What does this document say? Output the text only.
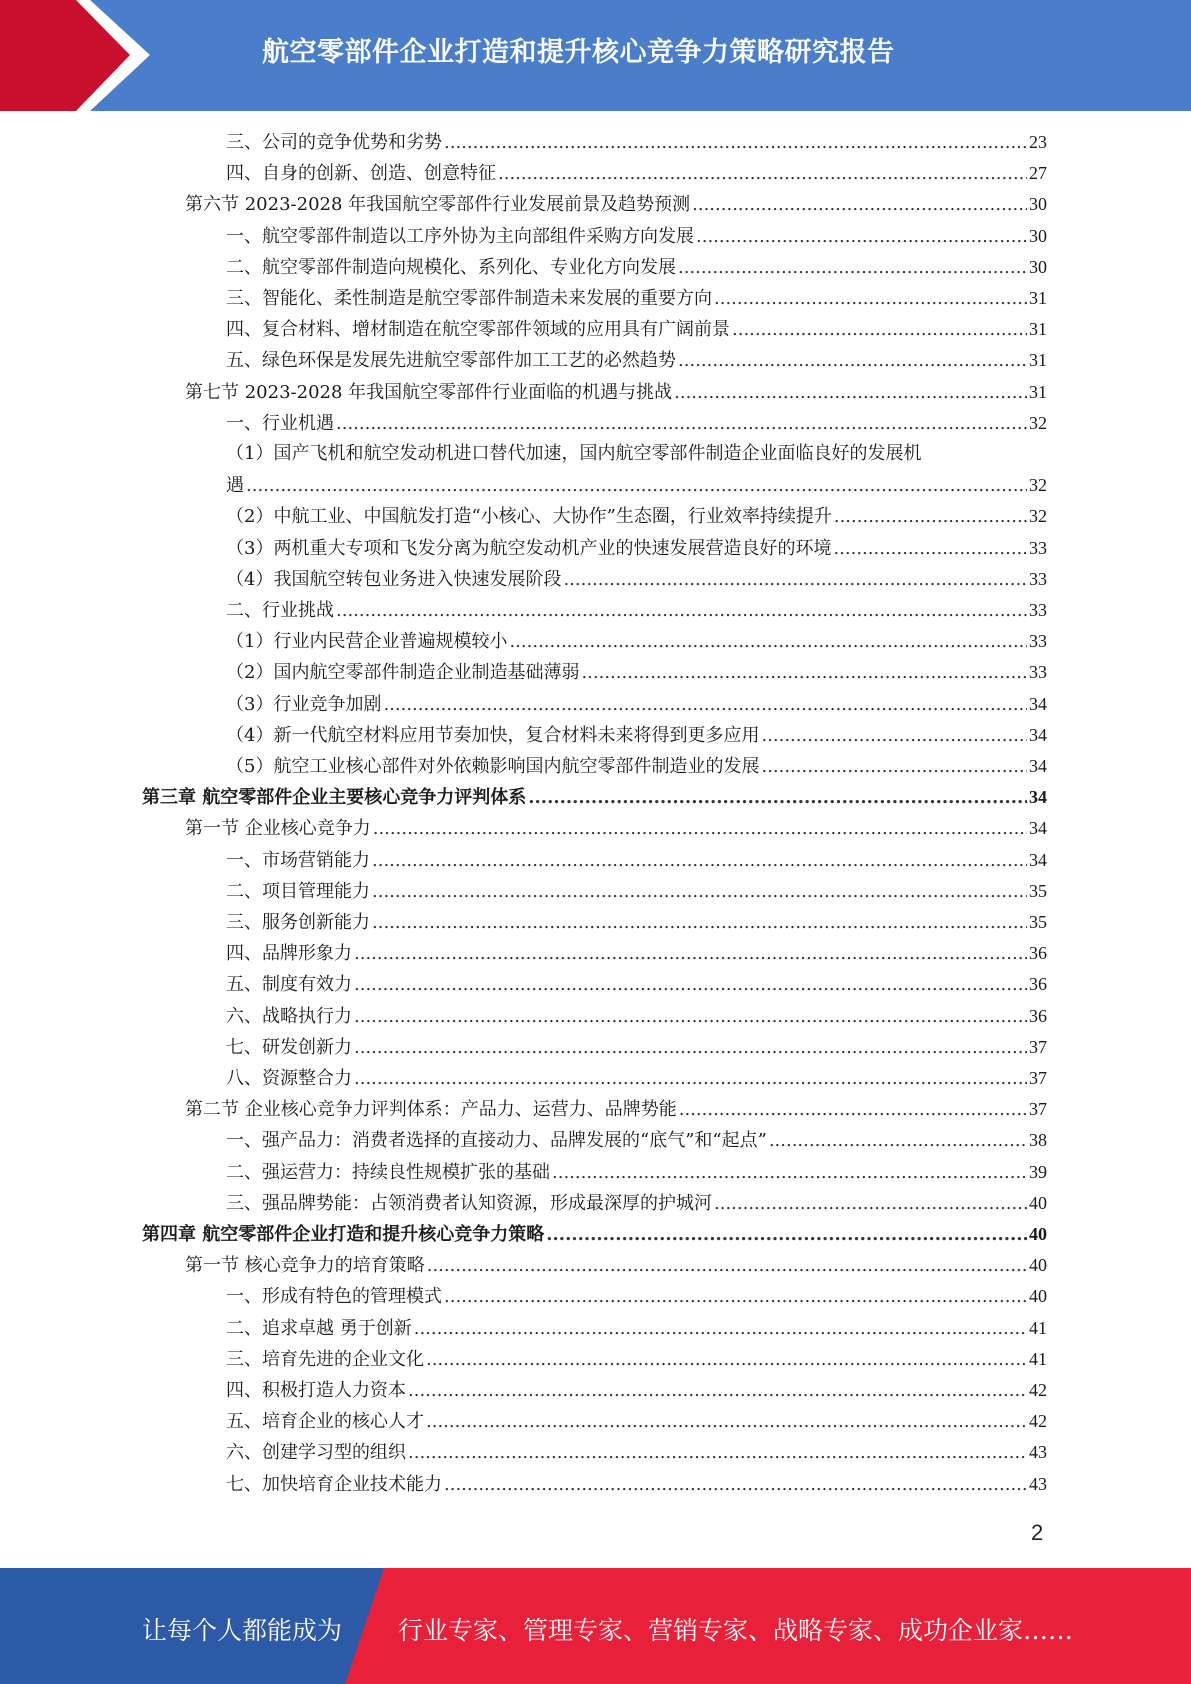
航空零部件企业打造和提升核心竞争力策略研究报告
三、公司的竞争优势和劣势 .....	23
四、自身的创新、创造、创意特征 .....	27
第六节 2023-2028 年我国航空零部件行业发展前景及趋势预测 .....	30
一、航空零部件制造以工序外协为主向部组件采购方向发展 .....	30
二、航空零部件制造向规模化、系列化、专业化方向发展 .....	30
三、智能化、柔性制造是航空零部件制造未来发展的重要方向 .....	31
四、复合材料、增材制造在航空零部件领域的应用具有广阔前景 .....	31
五、绿色环保是发展先进航空零部件加工工艺的必然趋势 .....	31
第七节 2023-2028 年我国航空零部件行业面临的机遇与挑战 .....	31
一、行业机遇 .....	32
（1）国产飞机和航空发动机进口替代加速，国内航空零部件制造企业面临良好的发展机
遇 .....	32
（2）中航工业、中国航发打造“小核心、大协作”生态圈，行业效率持续提升 .....	32
（3）两机重大专项和飞发分离为航空发动机产业的快速发展营造良好的环境 .....	33
（4）我国航空转包业务进入快速发展阶段 .....	33
二、行业挑战 .....	33
（1）行业内民营企业普遍规模较小 .....	33
（2）国内航空零部件制造企业制造基础薄弱 .....	33
（3）行业竞争加剧 .....	34
（4）新一代航空材料应用节奏加快，复合材料未来将得到更多应用 .....	34
（5）航空工业核心部件对外依赖影响国内航空零部件制造业的发展 .....	34
第三章 航空零部件企业主要核心竞争力评判体系 .....	34
第一节 企业核心竞争力 .....	34
一、市场营销能力 .....	34
二、项目管理能力 .....	35
三、服务创新能力 .....	35
四、品牌形象力 .....	36
五、制度有效力 .....	36
六、战略执行力 .....	36
七、研发创新力 .....	37
八、资源整合力 .....	37
第二节 企业核心竞争力评判体系：产品力、运营力、品牌势能 .....	37
一、强产品力：消费者选择的直接动力、品牌发展的“底气”和“起点” .....	38
二、强运营力：持续良性规模扩张的基础 .....	39
三、强品牌势能：占领消费者认知资源，形成最深厚的护城河 .....	40
第四章 航空零部件企业打造和提升核心竞争力策略 .....	40
第一节 核心竞争力的培育策略 .....	40
一、形成有特色的管理模式 .....	40
二、追求卓越 勇于创新 .....	41
三、培育先进的企业文化 .....	41
四、积极打造人力资本 .....	42
五、培育企业的核心人才 .....	42
六、创建学习型的组织 .....	43
七、加快培育企业技术能力 .....	43
2
让每个人都能成为 行业专家、管理专家、营销专家、战略专家、成功企业家……
